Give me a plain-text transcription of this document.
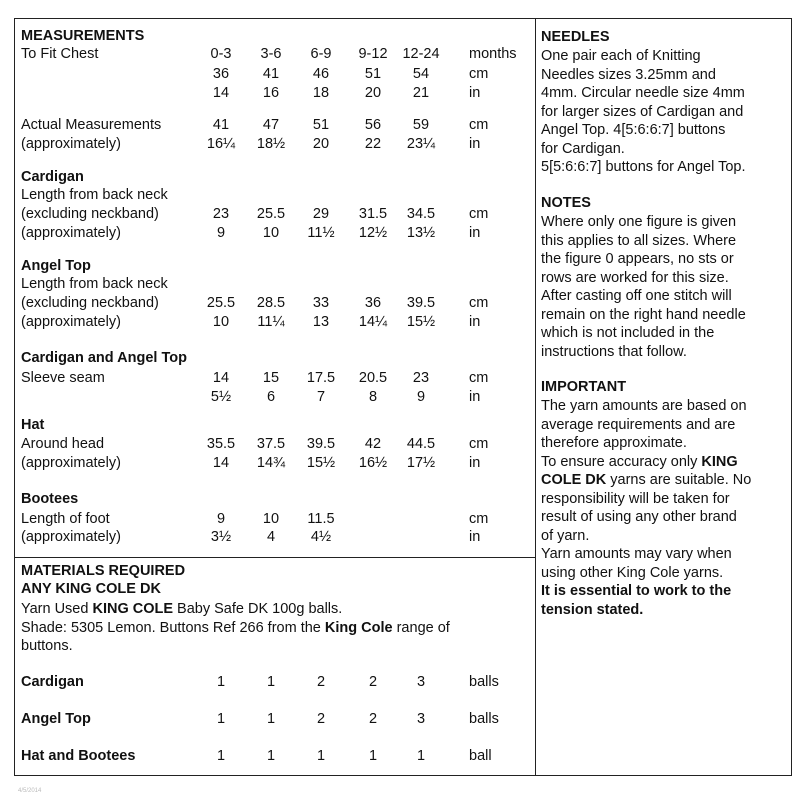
MEASUREMENTS
To Fit Chest	0-3	3-6	6-9	9-12	12-24	months
36	41	46	51	54	cm
14	16	18	20	21	in
Actual Measurements
(approximately)
41	47	51	56	59	cm
16¼	18½	20	22	23¼	in
Cardigan
Length from back neck
(excluding neckband)
(approximately)
23	25.5	29	31.5	34.5	cm
9	10	11½	12½	13½	in
Angel Top
Length from back neck
(excluding neckband)
(approximately)
25.5	28.5	33	36	39.5	cm
10	11¼	13	14¼	15½	in
Cardigan and Angel Top
Sleeve seam	14	15	17.5	20.5	23	cm
5½	6	7	8	9	in
Hat
Around head
(approximately)
35.5	37.5	39.5	42	44.5	cm
14	14¾	15½	16½	17½	in
Bootees
Length of foot
(approximately)
9	10	11.5	cm
3½	4	4½	in
MATERIALS REQUIRED
ANY KING COLE DK
Yarn Used KING COLE Baby Safe DK 100g balls.
Shade: 5305 Lemon. Buttons Ref 266 from the King Cole range of
buttons.
Cardigan	1	1	2	2	3	balls
Angel Top	1	1	2	2	3	balls
Hat and Bootees	1	1	1	1	1	ball
NEEDLES

One pair each of Knitting

Needles sizes 3.25mm and

4mm. Circular needle size 4mm

for larger sizes of Cardigan and

Angel Top. 4[5:6:6:7] buttons

for Cardigan.

5[5:6:6:7] buttons for Angel Top.

NOTES

Where only one figure is given

this applies to all sizes. Where

the figure 0 appears, no sts or

rows are worked for this size.

After casting off one stitch will

remain on the right hand needle

which is not included in the

instructions that follow.

IMPORTANT

The yarn amounts are based on

average requirements and are

therefore approximate.

To ensure accuracy only KING

COLE DK yarns are suitable. No

responsibility will be taken for

result of using any other brand

of yarn.

Yarn amounts may vary when

using other King Cole yarns.

It is essential to work to the

tension stated.

4/5/2014
